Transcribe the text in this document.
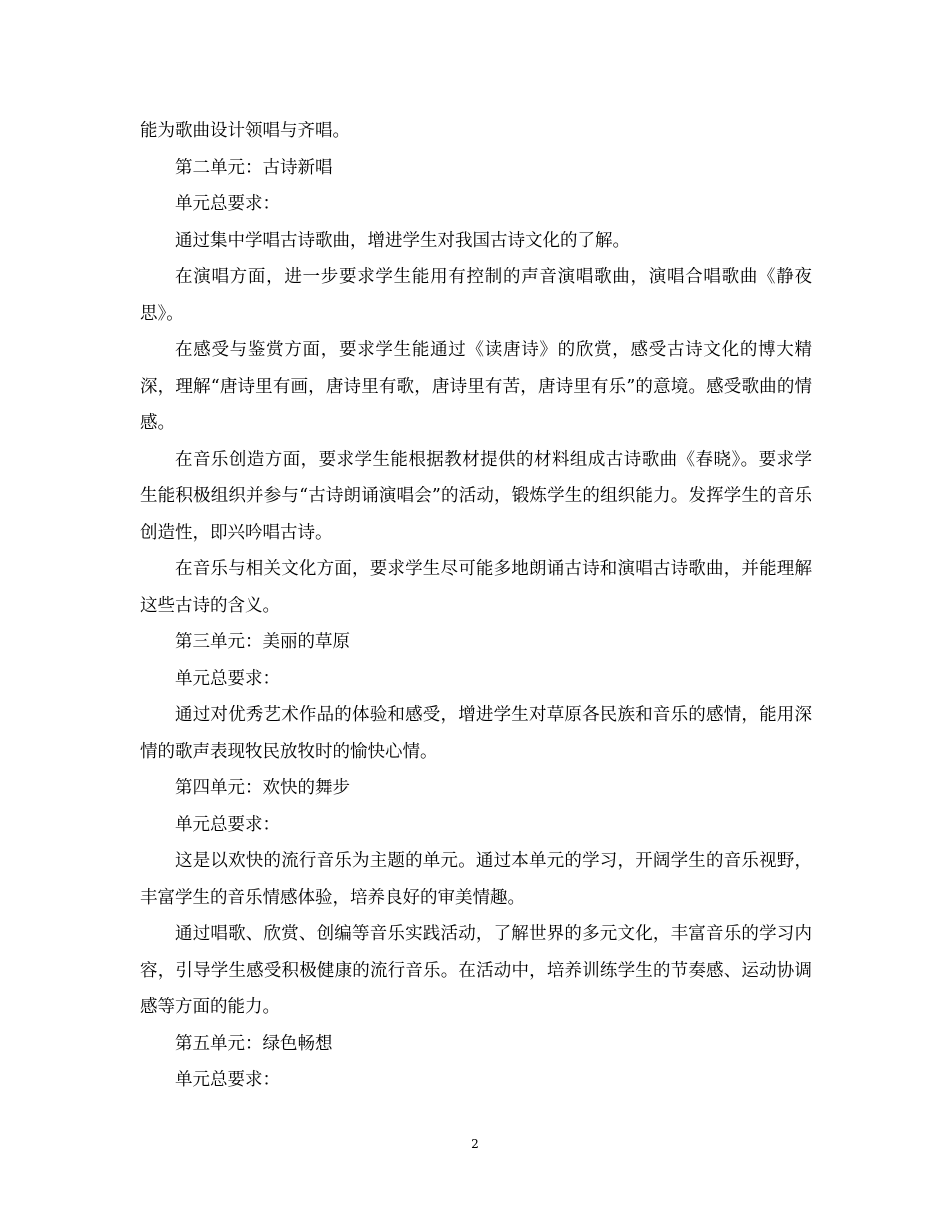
能为歌曲设计领唱与齐唱。

第二单元：古诗新唱

单元总要求：

通过集中学唱古诗歌曲，增进学生对我国古诗文化的了解。

在演唱方面，进一步要求学生能用有控制的声音演唱歌曲，演唱合唱歌曲《静夜思》。

在感受与鉴赏方面，要求学生能通过《读唐诗》的欣赏，感受古诗文化的博大精深，理解“唐诗里有画，唐诗里有歌，唐诗里有苦，唐诗里有乐”的意境。感受歌曲的情感。

在音乐创造方面，要求学生能根据教材提供的材料组成古诗歌曲《春晓》。要求学生能积极组织并参与“古诗朗诵演唱会”的活动，锻炼学生的组织能力。发挥学生的音乐创造性，即兴吟唱古诗。

在音乐与相关文化方面，要求学生尽可能多地朗诵古诗和演唱古诗歌曲，并能理解这些古诗的含义。

第三单元：美丽的草原

单元总要求：

通过对优秀艺术作品的体验和感受，增进学生对草原各民族和音乐的感情，能用深情的歌声表现牧民放牧时的愉快心情。

第四单元：欢快的舞步

单元总要求：

这是以欢快的流行音乐为主题的单元。通过本单元的学习，开阔学生的音乐视野，丰富学生的音乐情感体验，培养良好的审美情趣。

通过唱歌、欣赏、创编等音乐实践活动，了解世界的多元文化，丰富音乐的学习内容，引导学生感受积极健康的流行音乐。在活动中，培养训练学生的节奏感、运动协调感等方面的能力。

第五单元：绿色畅想

单元总要求：

2
